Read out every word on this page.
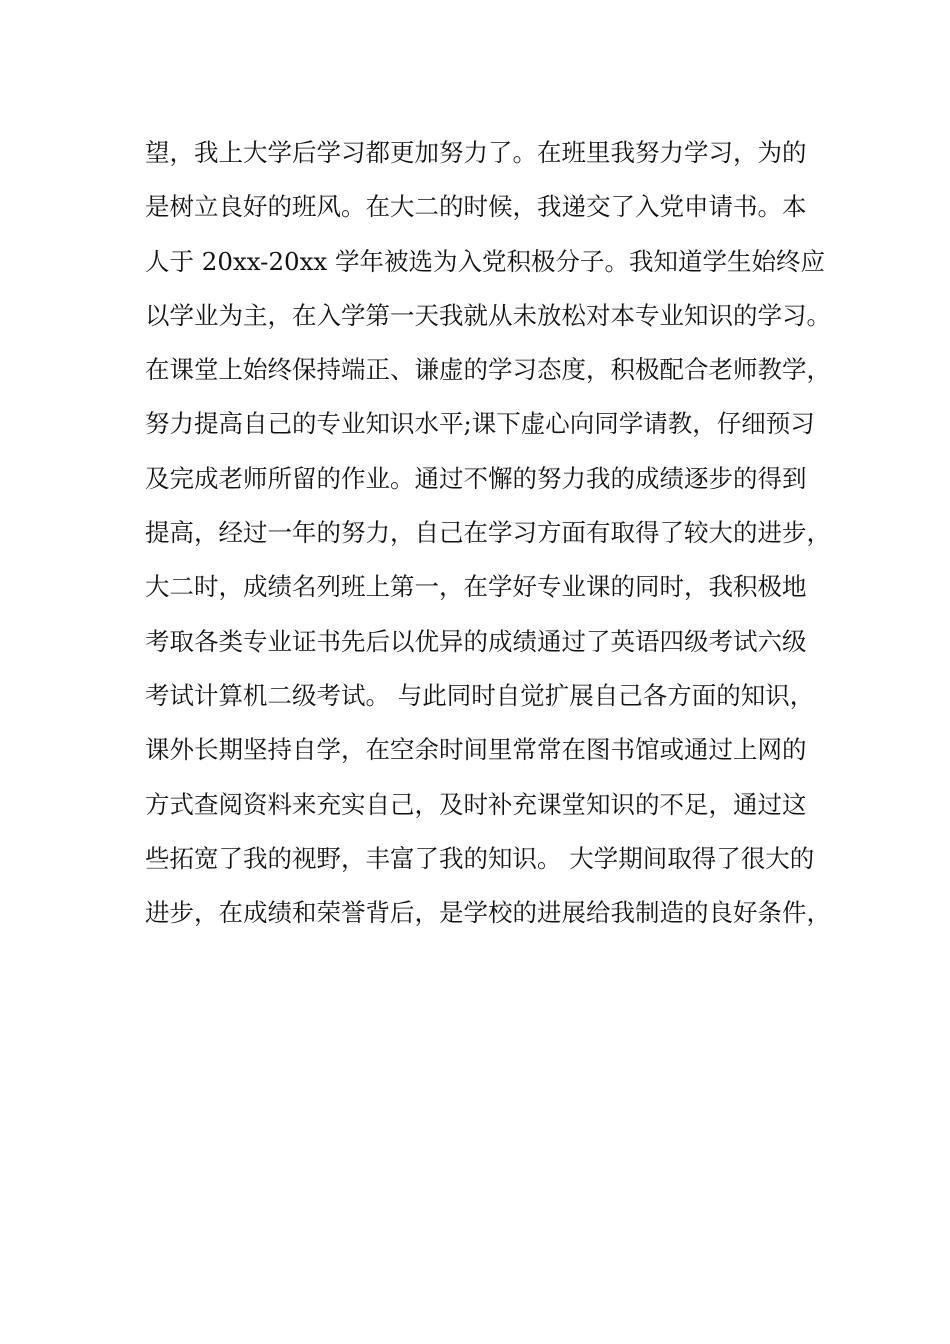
望，我上大学后学习都更加努力了。在班里我努力学习，为的
是树立良好的班风。在大二的时候，我递交了入党申请书。本
人于 20xx-20xx 学年被选为入党积极分子。我知道学生始终应
以学业为主，在入学第一天我就从未放松对本专业知识的学习。
在课堂上始终保持端正、谦虚的学习态度，积极配合老师教学，
努力提高自己的专业知识水平;课下虚心向同学请教，仔细预习
及完成老师所留的作业。通过不懈的努力我的成绩逐步的得到
提高，经过一年的努力，自己在学习方面有取得了较大的进步，
大二时，成绩名列班上第一，在学好专业课的同时，我积极地
考取各类专业证书先后以优异的成绩通过了英语四级考试六级
考试计算机二级考试。 与此同时自觉扩展自己各方面的知识，
课外长期坚持自学，在空余时间里常常在图书馆或通过上网的
方式查阅资料来充实自己，及时补充课堂知识的不足，通过这
些拓宽了我的视野，丰富了我的知识。 大学期间取得了很大的
进步，在成绩和荣誉背后，是学校的进展给我制造的良好条件，
